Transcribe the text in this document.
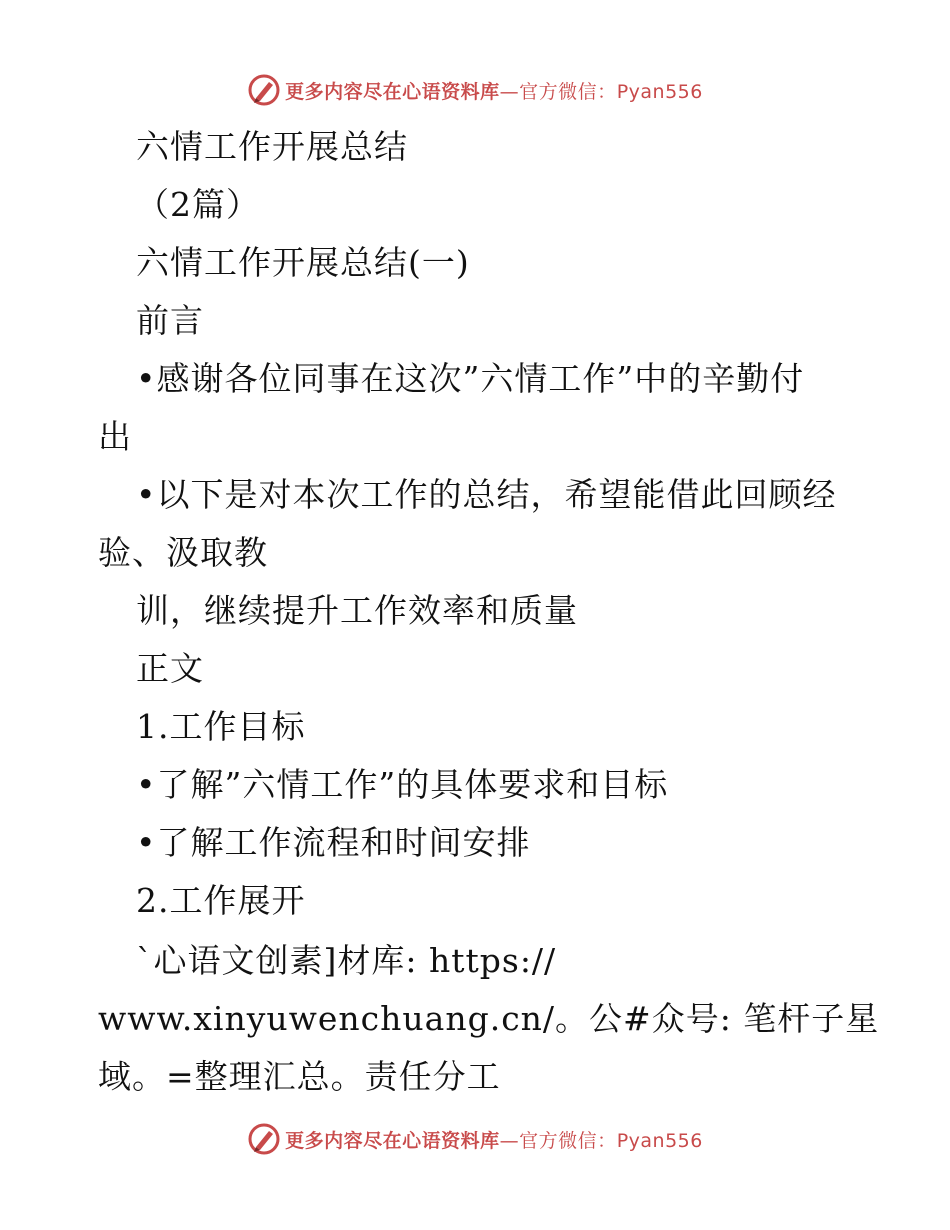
更多内容尽在心语资料库—官方微信：Pyan556
六情工作开展总结
（2篇）
六情工作开展总结(一)
前言
•感谢各位同事在这次”六情工作”中的辛勤付
出
•以下是对本次工作的总结，希望能借此回顾经
验、汲取教
训，继续提升工作效率和质量
正文
1.工作目标
•了解”六情工作”的具体要求和目标
•了解工作流程和时间安排
2.工作展开
`心语文创素]材库: https://
www.xinyuwenchuang.cn/。公#众号: 笔杆子星
域。=整理汇总。责任分工
更多内容尽在心语资料库—官方微信：Pyan556
